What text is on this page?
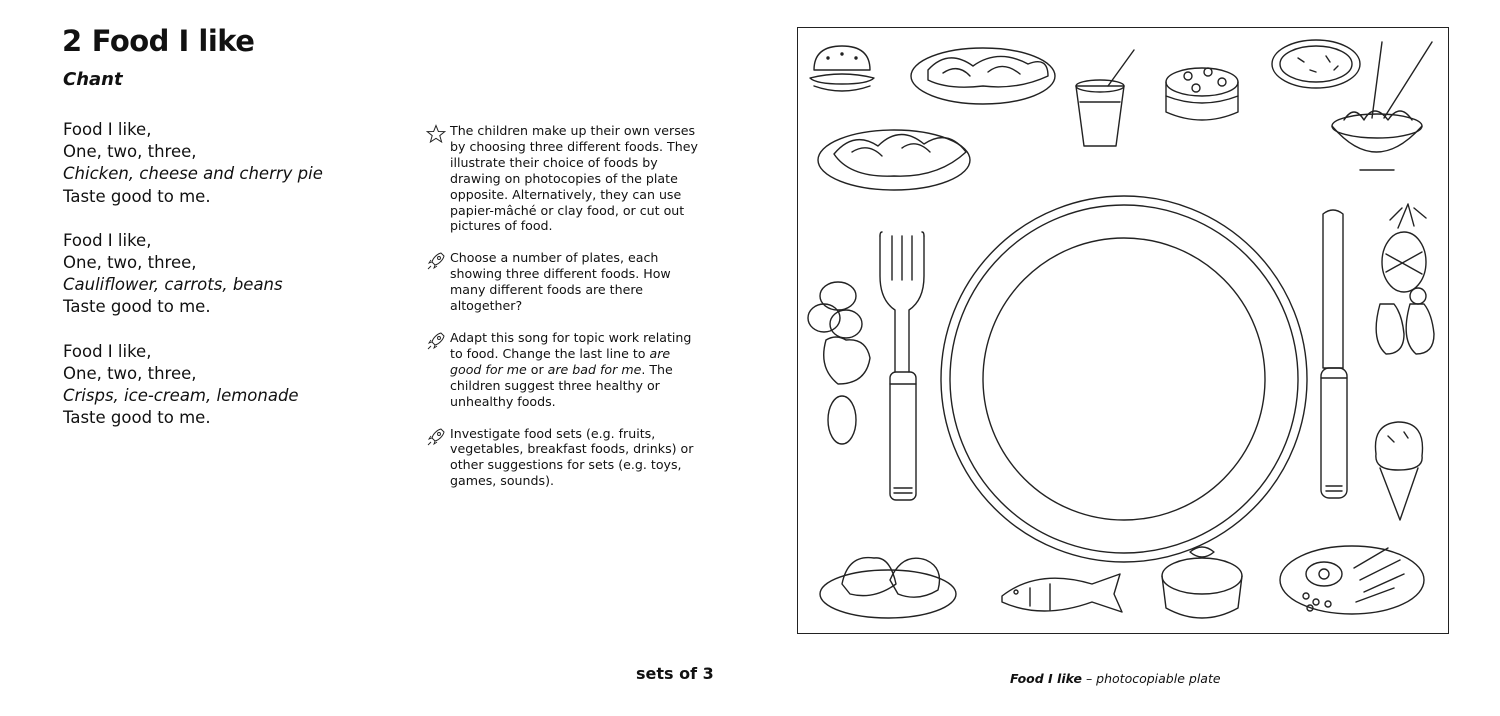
2 Food I like
Chant
Food I like,
One, two, three,
Chicken, cheese and cherry pie
Taste good to me.
Food I like,
One, two, three,
Cauliflower, carrots, beans
Taste good to me.
Food I like,
One, two, three,
Crisps, ice-cream, lemonade
Taste good to me.
The children make up their own verses by choosing three different foods. They illustrate their choice of foods by drawing on photocopies of the plate opposite. Alternatively, they can use papier-mâché or clay food, or cut out pictures of food.
Choose a number of plates, each showing three different foods. How many different foods are there altogether?
Adapt this song for topic work relating to food. Change the last line to are good for me or are bad for me. The children suggest three healthy or unhealthy foods.
Investigate food sets (e.g. fruits, vegetables, breakfast foods, drinks) or other suggestions for sets (e.g. toys, games, sounds).
sets of 3	Food I like – photocopiable plate
